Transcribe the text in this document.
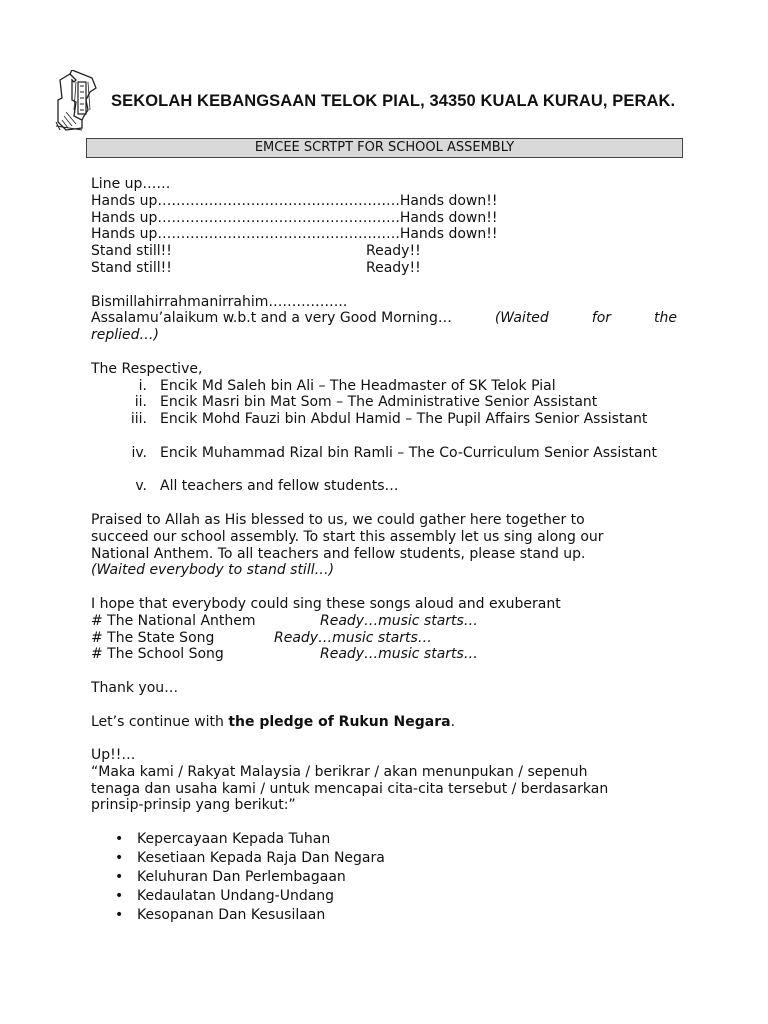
SEKOLAH KEBANGSAAN TELOK PIAL, 34350 KUALA KURAU, PERAK.
EMCEE SCRTPT FOR SCHOOL ASSEMBLY
Line up……
Hands up…………………………………………….Hands down!!
Hands up…………………………………………….Hands down!!
Hands up…………………………………………….Hands down!!
Stand still!!	Ready!!
Stand still!!	Ready!!
Bismillahirrahmanirrahim……………..
Assalamu’alaikum w.b.t and a very Good Morning…	(Waited	for	the
replied…)
The Respective,
i. Encik Md Saleh bin Ali – The Headmaster of SK Telok Pial
ii. Encik Masri bin Mat Som – The Administrative Senior Assistant
iii. Encik Mohd Fauzi bin Abdul Hamid – The Pupil Affairs Senior Assistant
iv. Encik Muhammad Rizal bin Ramli – The Co-Curriculum Senior Assistant
v. All teachers and fellow students…
Praised to Allah as His blessed to us, we could gather here together to
succeed our school assembly. To start this assembly let us sing along our
National Anthem. To all teachers and fellow students, please stand up.
(Waited everybody to stand still…)
I hope that everybody could sing these songs aloud and exuberant
# The National Anthem	Ready…music starts…
# The State Song	Ready…music starts…
# The School Song	Ready…music starts…
Thank you…
Let’s continue with the pledge of Rukun Negara.
Up!!…
“Maka kami / Rakyat Malaysia / berikrar / akan menunpukan / sepenuh
tenaga dan usaha kami / untuk mencapai cita-cita tersebut / berdasarkan
prinsip-prinsip yang berikut:”
• Kepercayaan Kepada Tuhan
• Kesetiaan Kepada Raja Dan Negara
• Keluhuran Dan Perlembagaan
• Kedaulatan Undang-Undang
• Kesopanan Dan Kesusilaan
